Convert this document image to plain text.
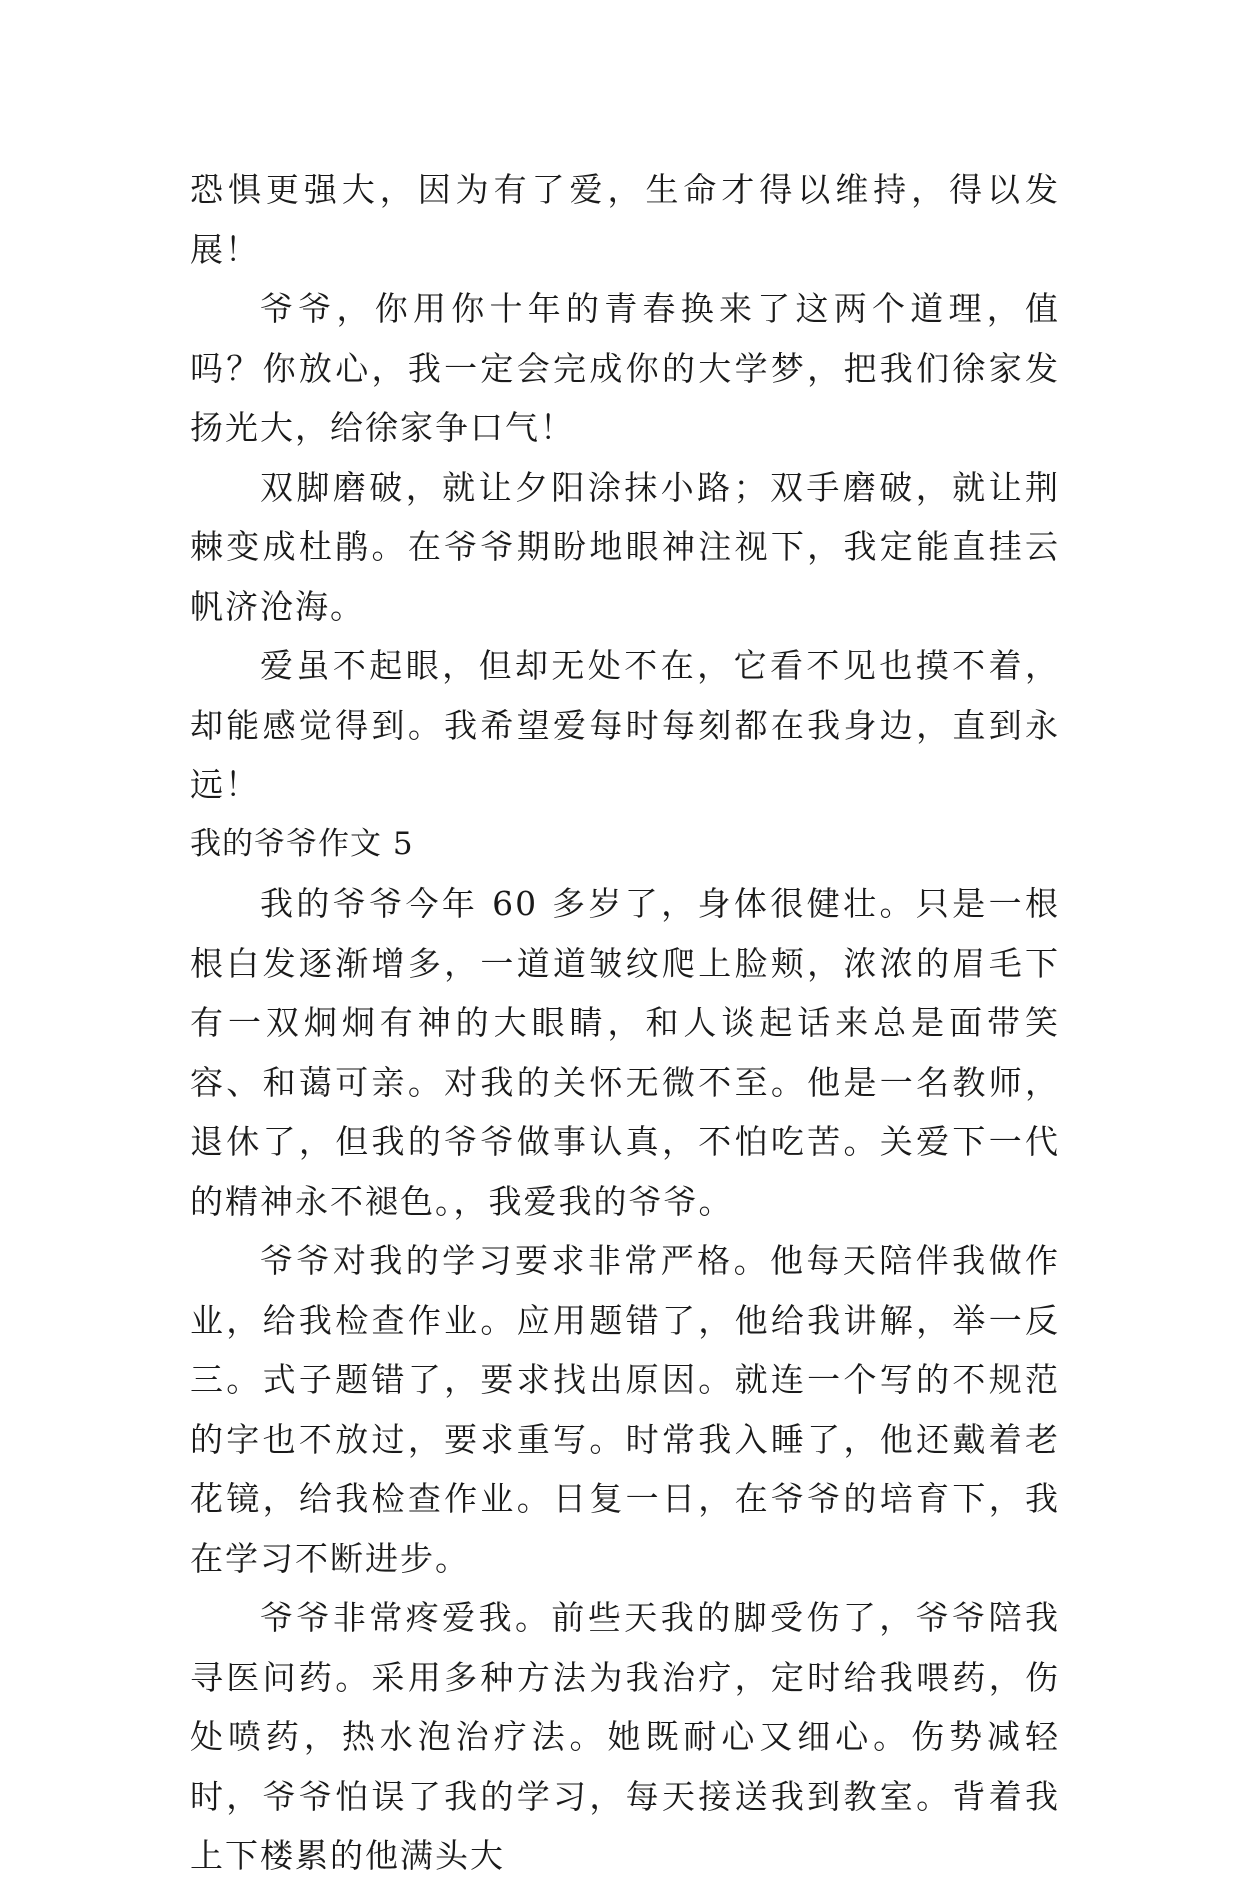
恐惧更强大，因为有了爱，生命才得以维持，得以发展！

爷爷，你用你十年的青春换来了这两个道理，值吗？你放心，我一定会完成你的大学梦，把我们徐家发扬光大，给徐家争口气！

双脚磨破，就让夕阳涂抹小路；双手磨破，就让荆棘变成杜鹃。在爷爷期盼地眼神注视下，我定能直挂云帆济沧海。

爱虽不起眼，但却无处不在，它看不见也摸不着，却能感觉得到。我希望爱每时每刻都在我身边，直到永远！

我的爷爷作文 5

我的爷爷今年 60 多岁了，身体很健壮。只是一根根白发逐渐增多，一道道皱纹爬上脸颊，浓浓的眉毛下有一双炯炯有神的大眼睛，和人谈起话来总是面带笑容、和蔼可亲。对我的关怀无微不至。他是一名教师，退休了，但我的爷爷做事认真，不怕吃苦。关爱下一代的精神永不褪色。，我爱我的爷爷。

爷爷对我的学习要求非常严格。他每天陪伴我做作业，给我检查作业。应用题错了，他给我讲解，举一反三。式子题错了，要求找出原因。就连一个写的不规范的字也不放过，要求重写。时常我入睡了，他还戴着老花镜，给我检查作业。日复一日，在爷爷的培育下，我在学习不断进步。

爷爷非常疼爱我。前些天我的脚受伤了，爷爷陪我寻医问药。采用多种方法为我治疗，定时给我喂药，伤处喷药，热水泡治疗法。她既耐心又细心。伤势减轻时，爷爷怕误了我的学习，每天接送我到教室。背着我上下楼累的他满头大
